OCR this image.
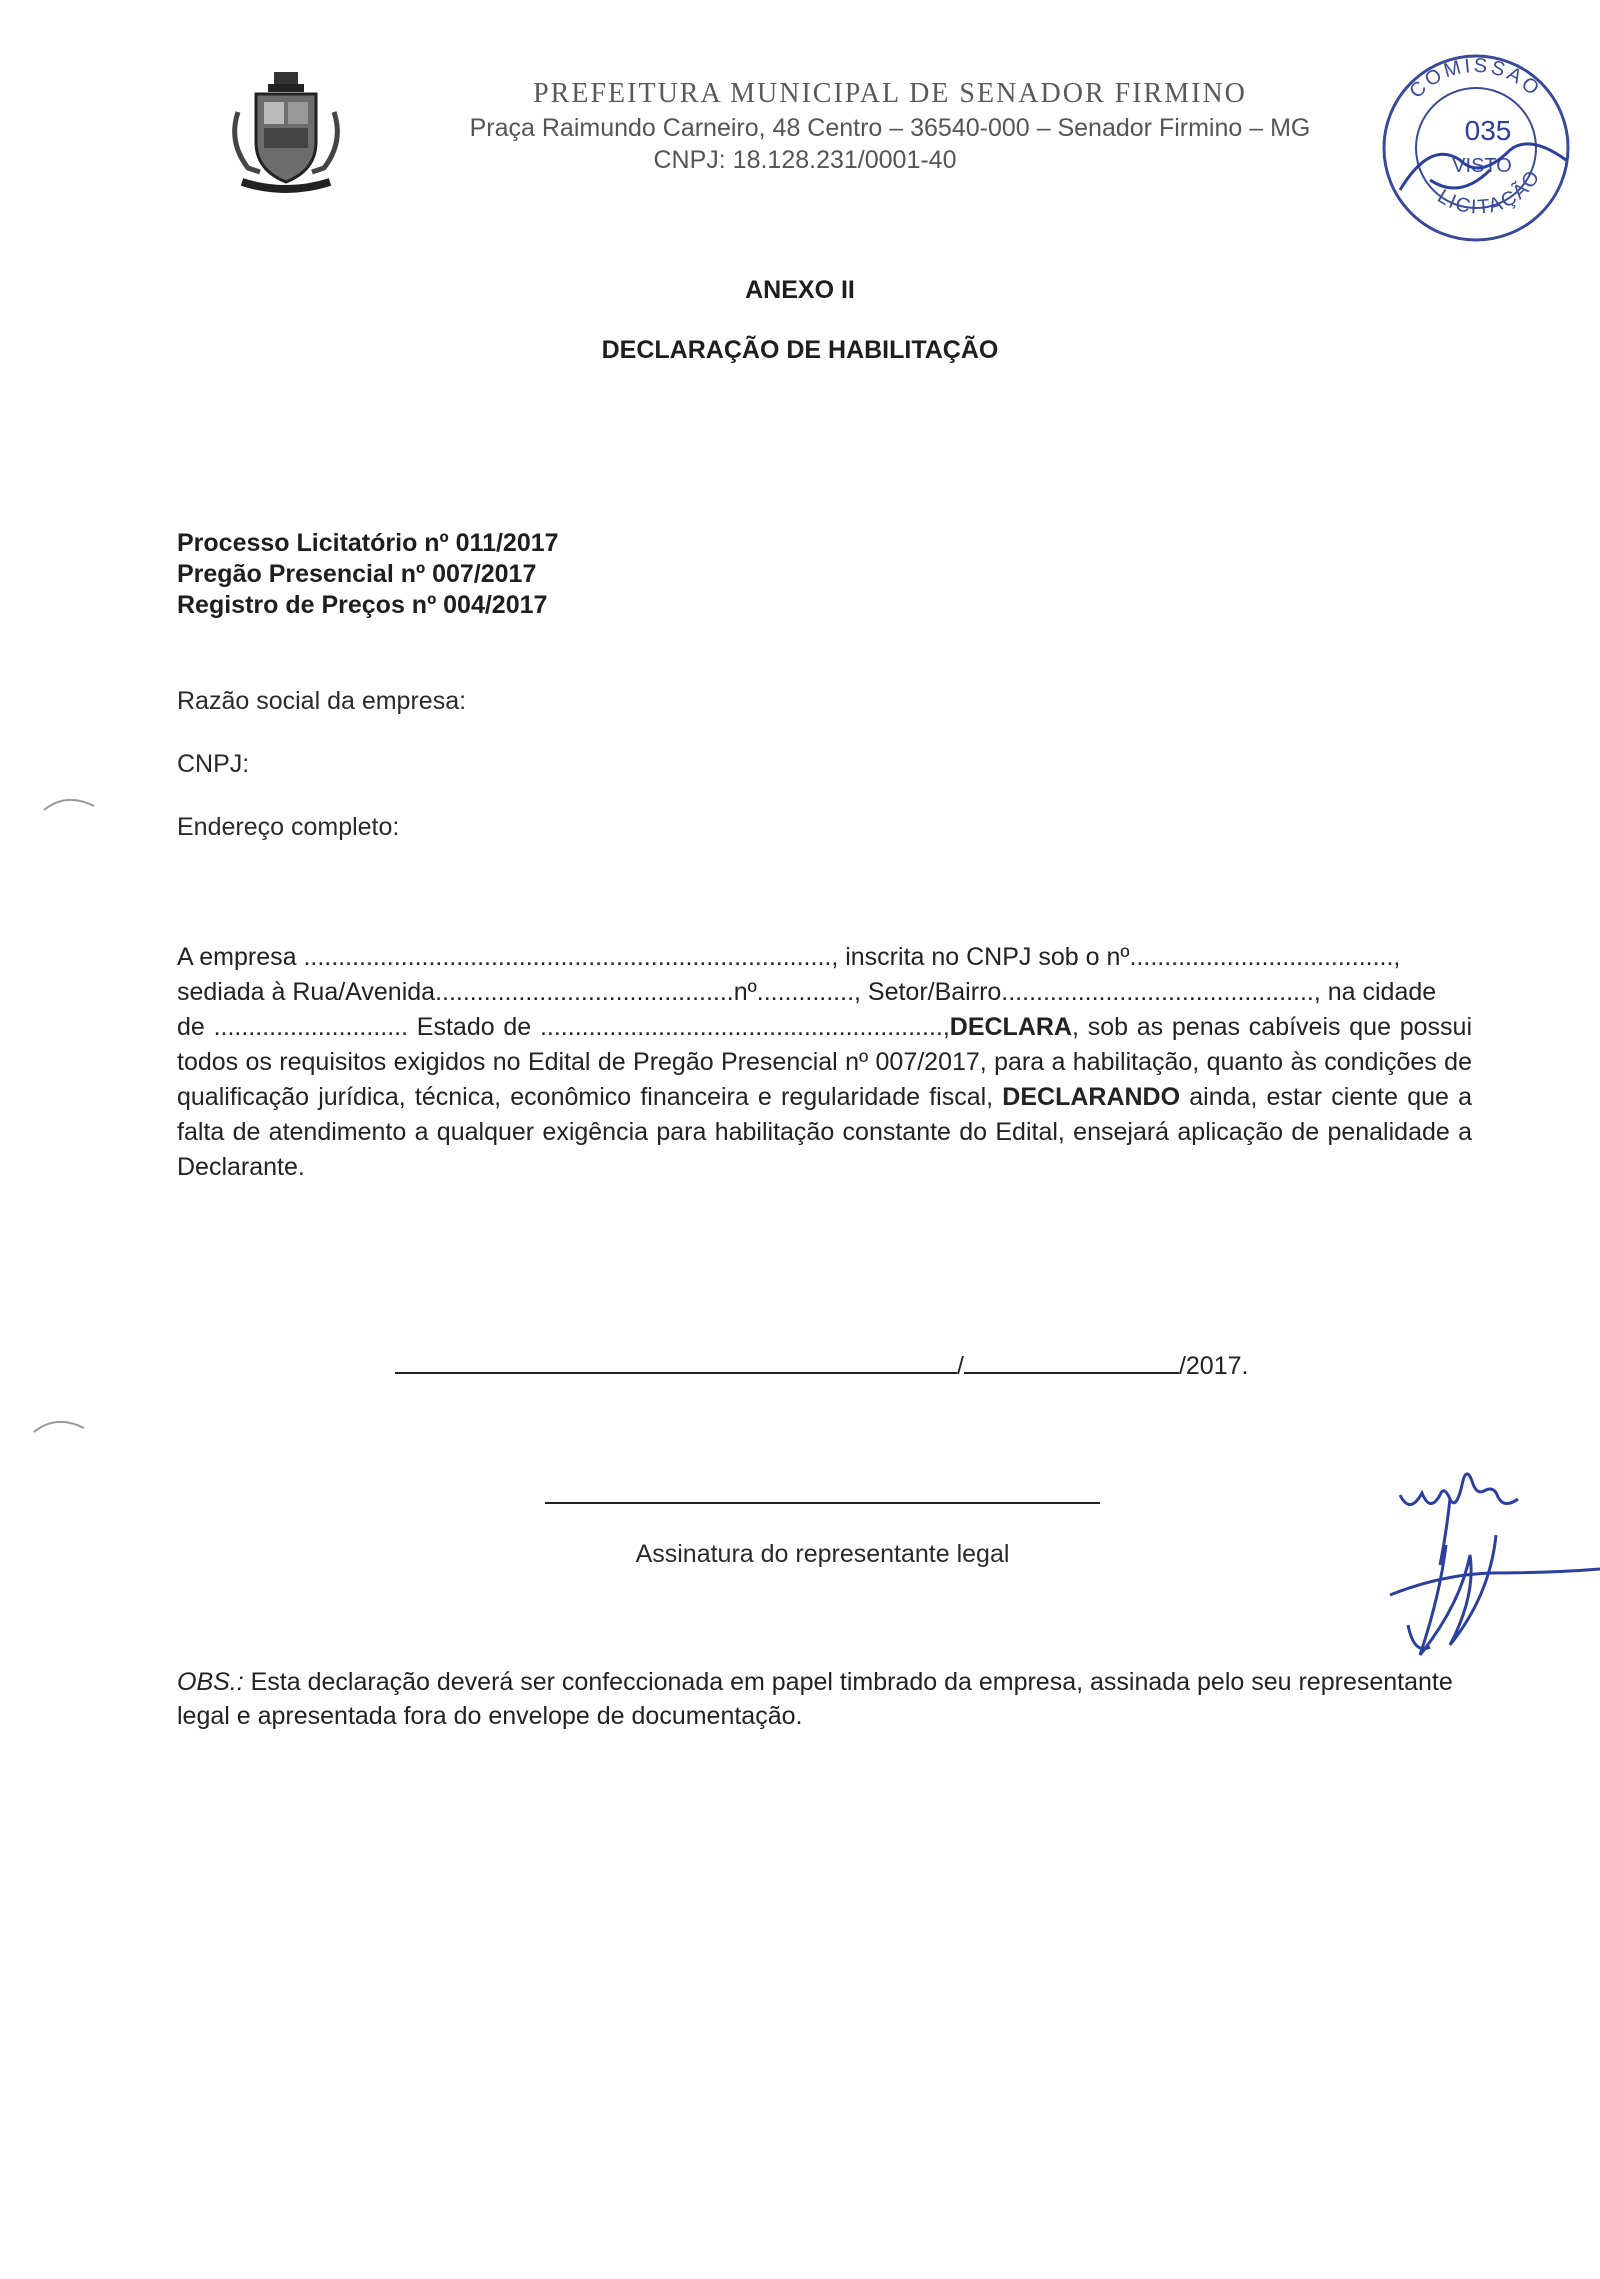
PREFEITURA MUNICIPAL DE SENADOR FIRMINO
Praça Raimundo Carneiro, 48 Centro – 36540-000 – Senador Firmino – MG
CNPJ: 18.128.231/0001-40
COMISSÃO
LICITAÇÃO
035
VISTO
ANEXO II
DECLARAÇÃO DE HABILITAÇÃO
Processo Licitatório nº 011/2017
Pregão Presencial nº 007/2017
Registro de Preços nº 004/2017
Razão social da empresa:
CNPJ:
Endereço completo:
A empresa ............................................................................, inscrita no CNPJ sob o nº......................................,
sediada à Rua/Avenida...........................................nº.............., Setor/Bairro............................................., na cidade
de ............................ Estado de ..........................................................,DECLARA, sob as penas cabíveis que possui todos os requisitos exigidos no Edital de Pregão Presencial nº 007/2017, para a habilitação, quanto às condições de qualificação jurídica, técnica, econômico financeira e regularidade fiscal, DECLARANDO ainda, estar ciente que a falta de atendimento a qualquer exigência para habilitação constante do Edital, ensejará aplicação de penalidade a Declarante.
/	/2017.
Assinatura do representante legal
OBS.: Esta declaração deverá ser confeccionada em papel timbrado da empresa, assinada pelo seu representante legal e apresentada fora do envelope de documentação.
